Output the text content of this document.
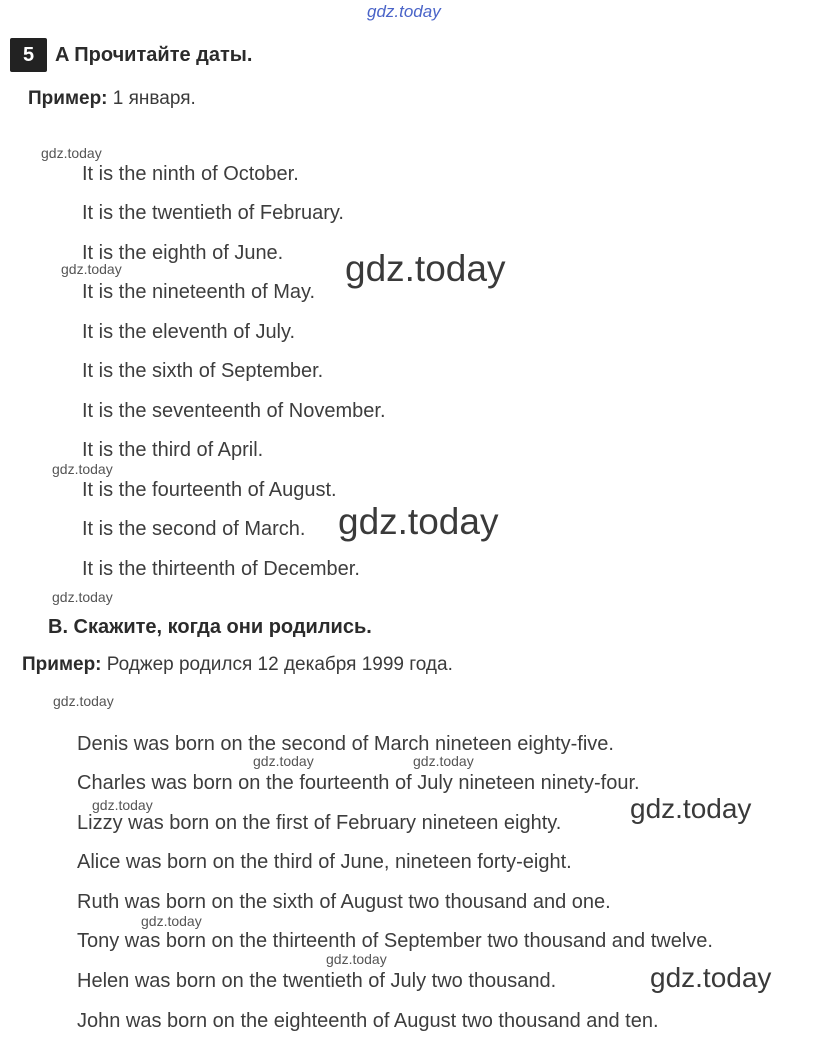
gdz.today
5	A Прочитайте даты.
Пример: 1 января.
It is the ninth of October.
It is the twentieth of February.
It is the eighth of June.
It is the nineteenth of May.
It is the eleventh of July.
It is the sixth of September.
It is the seventeenth of November.
It is the third of April.
It is the fourteenth of August.
It is the second of March.
It is the thirteenth of December.
B. Скажите, когда они родились.
Пример: Роджер родился 12 декабря 1999 года.
Denis was born on the second of March nineteen eighty-five.
Charles was born on the fourteenth of July nineteen ninety-four.
Lizzy was born on the first of February nineteen eighty.
Alice was born on the third of June, nineteen forty-eight.
Ruth was born on the sixth of August two thousand and one.
Tony was born on the thirteenth of September two thousand and twelve.
Helen was born on the twentieth of July two thousand.
John was born on the eighteenth of August two thousand and ten.
gdz.today
gdz.today
gdz.today
gdz.today
gdz.today
gdz.today	gdz.today
gdz.today
gdz.today
gdz.today
gdz.today
gdz.today
gdz.today
gdz.today
